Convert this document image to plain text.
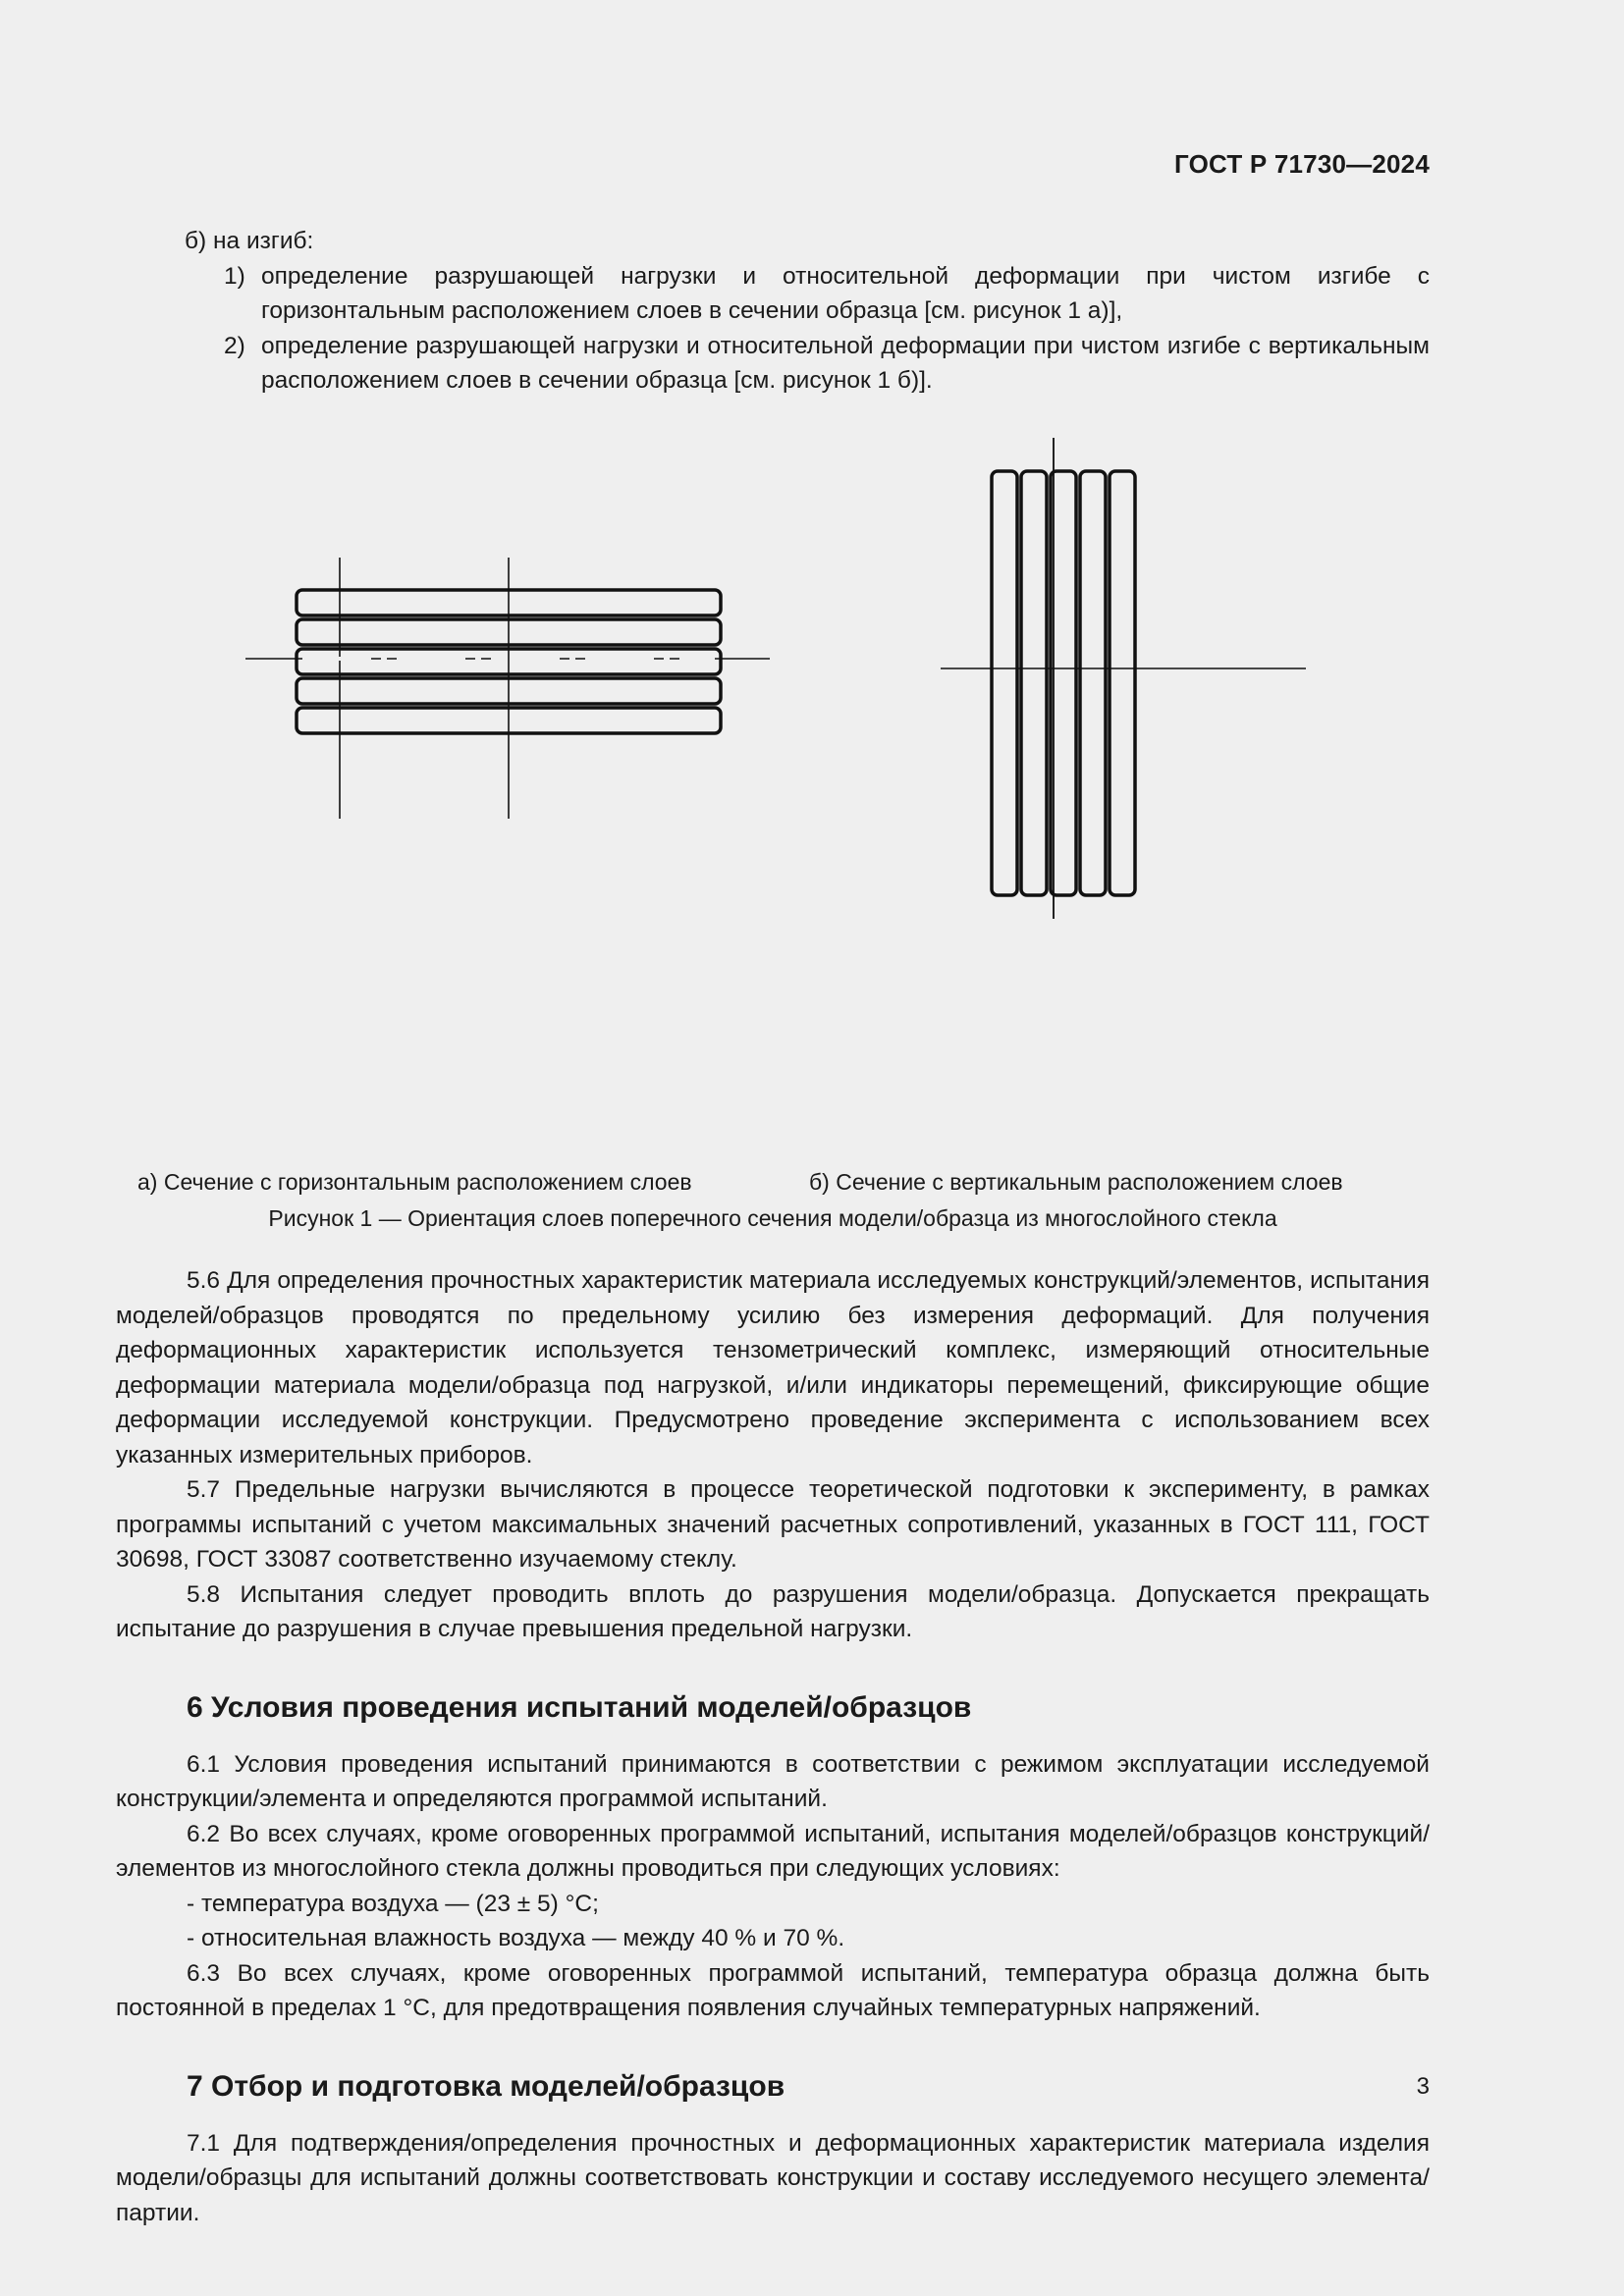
ГОСТ Р 71730—2024

б) на изгиб:

1) определение разрушающей нагрузки и относительной деформации при чистом изгибе с горизонтальным расположением слоев в сечении образца [см. рисунок 1 а)],
2) определение разрушающей нагрузки и относительной деформации при чистом изгибе с вертикальным расположением слоев в сечении образца [см. рисунок 1 б)].
а) Сечение с горизонтальным расположением слоев	б) Сечение с вертикальным расположением слоев

Рисунок 1 — Ориентация слоев поперечного сечения модели/образца из многослойного стекла

5.6 Для определения прочностных характеристик материала исследуемых конструкций/элементов, испытания моделей/образцов проводятся по предельному усилию без измерения деформаций. Для получения деформационных характеристик используется тензометрический комплекс, измеряющий относительные деформации материала модели/образца под нагрузкой, и/или индикаторы перемещений, фиксирующие общие деформации исследуемой конструкции. Предусмотрено проведение эксперимента с использованием всех указанных измерительных приборов.

5.7 Предельные нагрузки вычисляются в процессе теоретической подготовки к эксперименту, в рамках программы испытаний с учетом максимальных значений расчетных сопротивлений, указанных в ГОСТ 111, ГОСТ 30698, ГОСТ 33087 соответственно изучаемому стеклу.

5.8 Испытания следует проводить вплоть до разрушения модели/образца. Допускается прекращать испытание до разрушения в случае превышения предельной нагрузки.

6 Условия проведения испытаний моделей/образцов

6.1 Условия проведения испытаний принимаются в соответствии с режимом эксплуатации исследуемой конструкции/элемента и определяются программой испытаний.

6.2 Во всех случаях, кроме оговоренных программой испытаний, испытания моделей/образцов конструкций/элементов из многослойного стекла должны проводиться при следующих условиях:

- температура воздуха — (23 ± 5) °С;

- относительная влажность воздуха — между 40 % и 70 %.

6.3 Во всех случаях, кроме оговоренных программой испытаний, температура образца должна быть постоянной в пределах 1 °С, для предотвращения появления случайных температурных напряжений.

7 Отбор и подготовка моделей/образцов

7.1 Для подтверждения/определения прочностных и деформационных характеристик материала изделия модели/образцы для испытаний должны соответствовать конструкции и составу исследуемого несущего элемента/партии.

3
